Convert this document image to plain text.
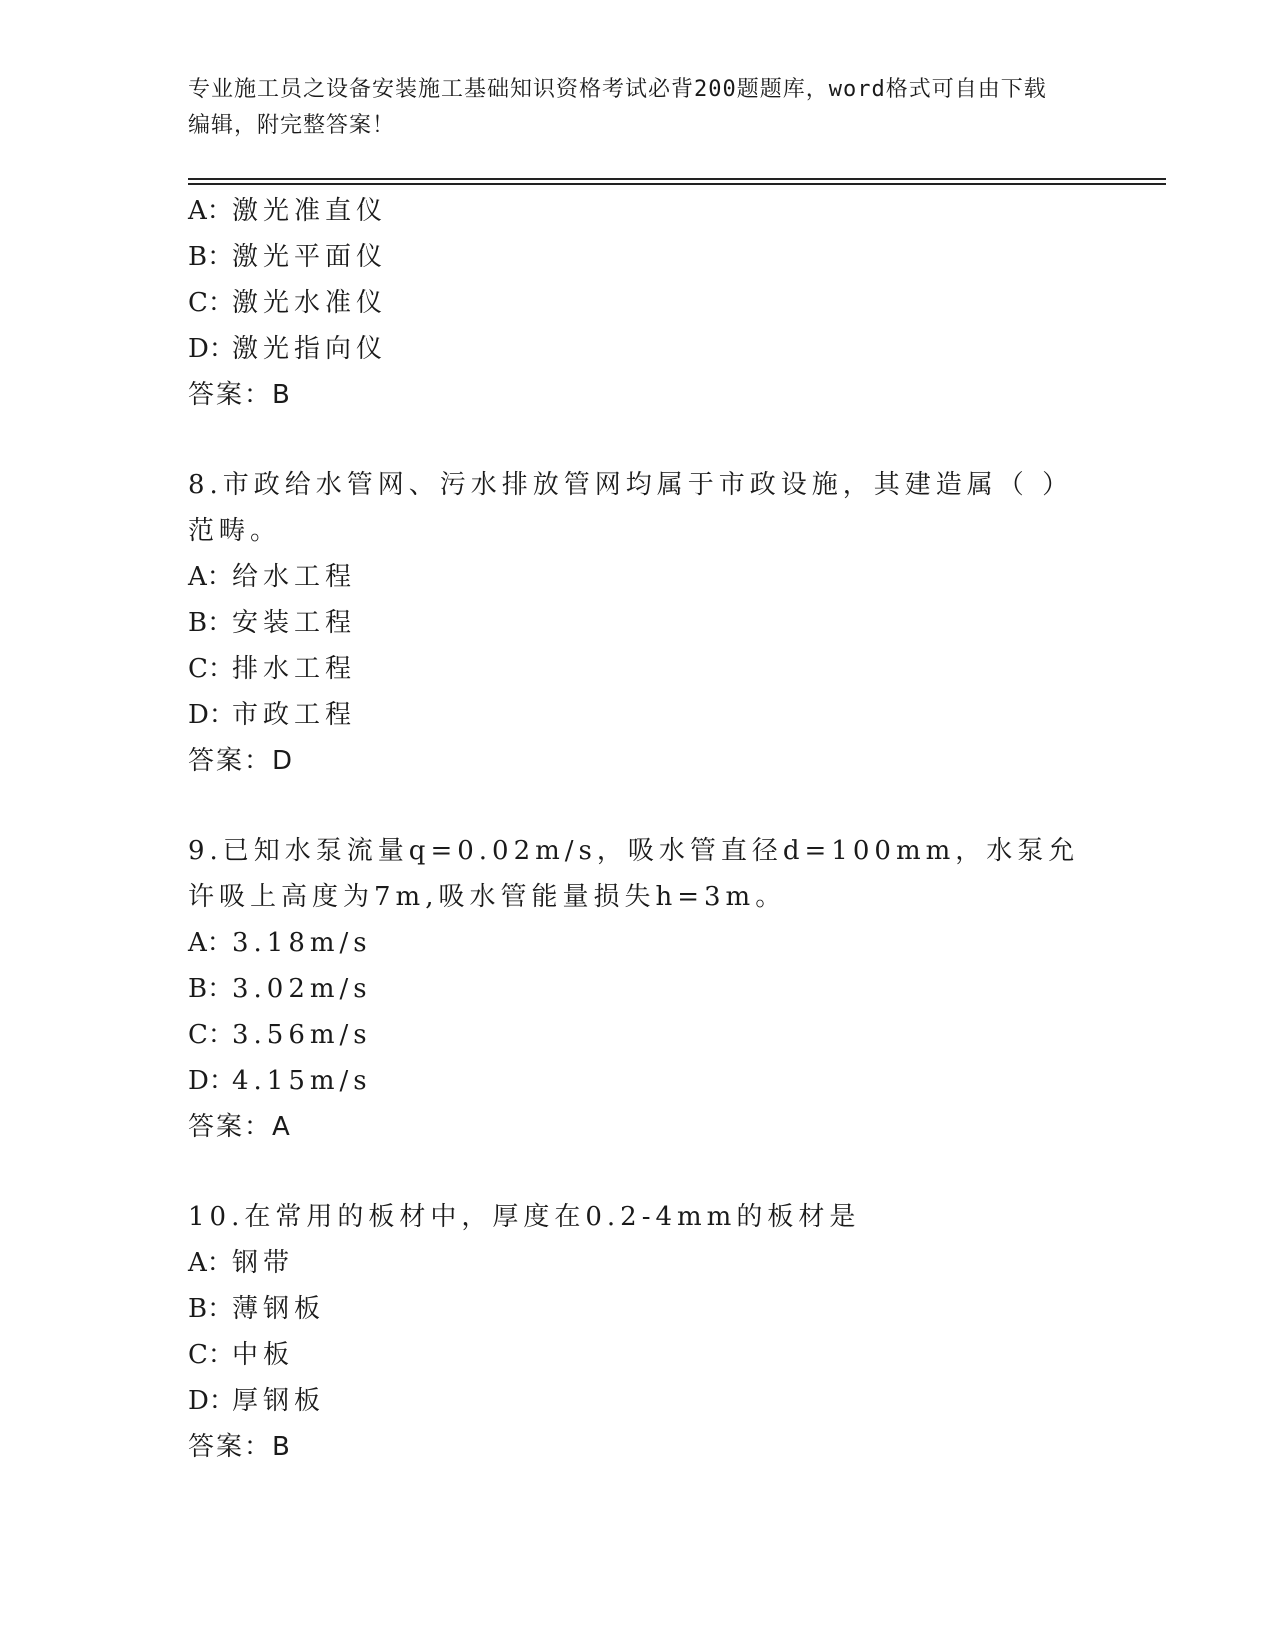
专业施工员之设备安装施工基础知识资格考试必背200题题库，word格式可自由下载编辑，附完整答案！
A：激光准直仪
B：激光平面仪
C：激光水准仪
D：激光指向仪
答案：B
8.市政给水管网、污水排放管网均属于市政设施，其建造属（ ）范畴。
A：给水工程
B：安装工程
C：排水工程
D：市政工程
答案：D
9.已知水泵流量q=0.02m/s，吸水管直径d=100mm，水泵允许吸上高度为7m,吸水管能量损失h=3m。
A：3.18m/s
B：3.02m/s
C：3.56m/s
D：4.15m/s
答案：A
10.在常用的板材中，厚度在0.2-4mm的板材是
A：钢带
B：薄钢板
C：中板
D：厚钢板
答案：B
